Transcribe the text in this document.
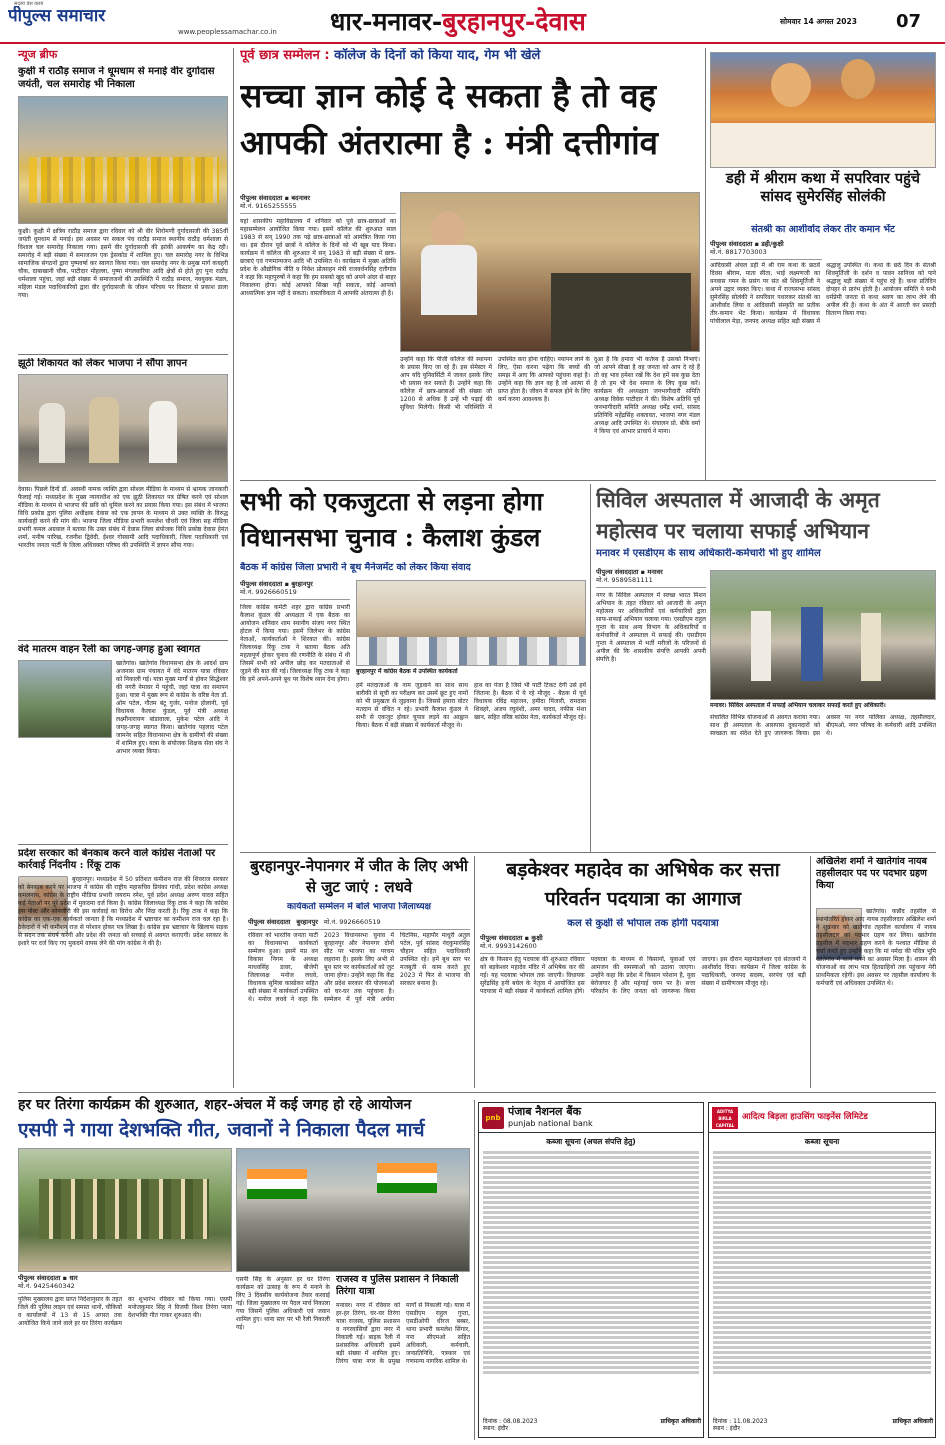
पीपुल्स समाचार
www.peoplessamachar.co.in
सदस्य प्रेस क्लब
धार-मनावर-बुरहानपुर-देवास	सोमवार 14 अगस्त 2023	07
न्यूज ब्रीफ
कुक्षी में राठौड़ समाज ने धूमधाम से मनाई वीर दुर्गादास जयंती, चल समारोह भी निकाला
कुक्षी। कुक्षी में क्षत्रिय राठौड़ समाज द्वारा रविवार को श्री वीर शिरोमणी दुर्गादासजी की 385वीं जयंती धूमधाम से मनाई। इस अवसर पर सकल पंच राठौड़ समाज स्थानीय राठौड़ धर्मशाला से विशाल चल समारोह निकाला गया। इसमें वीर दुर्गादासजी की झांकी आकर्षण का केंद्र रही। समारोह में बड़ी संख्या में समाजजन एक ड्रेसकोड में शामिल हुए। चल समारोह नगर के विभिन्न सामाजिक संगठनों द्वारा पुष्पवर्षा कर स्वागत किया गया। चल समारोह नगर के प्रमुख मार्ग कचहरी चौक, दाबाखानी चौक, पाटीदार मोहल्ला, पुष्पा मंगलवारिया आदि क्षेत्रों से होते हुए पुनः राठौड़ धर्मशाला पहुंचा, जहां बड़ी संख्या में समाजजनों की उपस्थिति में राठौड़ समाज, नवयुवक मंडल, महिला मंडल पदाधिकारियों द्वारा वीर दुर्गादासजी के जीवन परिचय पर विस्तार से प्रकाश डाला गया।
झूठी शिकायत को लेकर भाजपा ने सौंपा ज्ञापन
देवास। पिछले दिनों डॉ. अवस्थी नामक व्यक्ति द्वारा सोशल मीडिया के माध्यम से भ्रामक जानकारी फैलाई गई। मध्यप्रदेश के मुख्य न्यायाधीश को एक झूठी शिकायत पत्र प्रेषित करने एवं सोशल मीडिया के माध्यम से भाजपा की छवि को धूमिल करने का प्रयास किया गया। इस संबंध में भाजपा विधि प्रकोष्ठ द्वारा पुलिस अधीक्षक देवास को एक ज्ञापन के माध्यम से उक्त व्यक्ति के विरुद्ध कार्यवाही करने की मांग की। भाजपा जिला मीडिया प्रभारी कमलेश चौधरी एवं जिला सह मीडिया प्रभारी कमल अग्रवाल ने बताया कि उक्त संबंध में देवास जिला संयोजक विधि प्रकोष्ठ देवास हेमंत शर्मा, मनीष पारिख, रजनीश द्विवेदी, ईश्वर गोस्वामी आदि पदाधिकारी, जिला पदाधिकारी एवं भारतीय जनता पार्टी के जिला अधिवक्ता परिषद की उपस्थिति में ज्ञापन सौंपा गया।
वंदे मातरम वाहन रैली का जगह-जगह हुआ स्वागत
खातेगांव। खातेगांव विधानसभा क्षेत्र के आदर्श ग्राम अजनास ग्राम पंचायत में वंदे मातरम यात्रा रविवार को निकाली गई। यात्रा मुख्य मार्गों से होकर सिद्धेश्वर की नगरी नेमावर में पहुंची, जहां यात्रा का समापन हुआ। यात्रा में मुख्य रूप से कांग्रेस के वरिष्ठ नेता डॉ. ओम पटेल, गौतम बंटू गुर्जर, मनोज होलानी, पूर्व विधायक कैलाश कुंडल, पूर्व मंत्री अध्यक्ष लक्ष्मीनारायण बांडावाला, मुकेश पटेल आदि ने जगह-जगह स्वागत किया। खातेगांव पहलाद पटेल जामनेर सहित विधानसभा क्षेत्र के ग्रामीणों की संख्या में शामिल हुए। यात्रा के संयोजक शिक्षक सेवा संघ ने आभार व्यक्त किया।
प्रदेश सरकार को बेनकाब करने वाले कांग्रेस नेताओं पर कार्रवाई निंदनीय : रिंकू टाक
बुरहानपुर। मध्यप्रदेश में 50 प्रतिशत कमीशन राज की शिवराज सरकार को बेनकाब करने पर भाजपा ने कांग्रेस की राष्ट्रीय महासचिव प्रियंका गांधी, प्रदेश कांग्रेस अध्यक्ष कमलनाथ, कांग्रेस के राष्ट्रीय मीडिया प्रभारी जयराम रमेश, पूर्व प्रदेश अध्यक्ष अरुण यादव सहित कई नेताओं पर पूरे प्रदेश में मुकदमा दर्ज किया है। कांग्रेस जिलाध्यक्ष रिंकू टाक ने कहा कि कांग्रेस इस पोस्ट और सोनजीरी की इस कार्रवाई का विरोध और निंदा करती है। रिंकू टाक ने कहा कि कांग्रेस का एक-एक कार्यकर्ता जानता है कि मध्यप्रदेश में भ्रष्टाचार का कमीशन राज चल रहा है। ठेकेदारों ने भी कमीशन राज से परेशान होकर पत्र लिखा है। कांग्रेस इस भ्रष्टाचार के खिलाफ सड़क से सदन तक संघर्ष करेगी और प्रदेश की जनता को सच्चाई से अवगत कराएगी। प्रदेश सरकार के इशारे पर दर्ज किए गए मुकदमे वापस लेने की मांग कांग्रेस ने की है।
पूर्व छात्र सम्मेलन : कॉलेज के दिनों को किया याद, गेम भी खेले
सच्चा ज्ञान कोई दे सकता है तो वह आपकी अंतरात्मा है : मंत्री दत्तीगांव
पीपुल्स संवाददाता ▪ बदनावर
मो.नं. 9165255555
यहां शासकीय महाविद्यालय में शनिवार को पूर्व छात्र-छात्राओं का महासम्मेलन आयोजित किया गया। इसमें कॉलेज की शुरुआत साल 1983 से सन् 1990 तक पढ़े छात्र-छात्राओं को आमंत्रित किया गया था। इस दौरान पूर्व छात्रों ने कॉलेज के दिनों को भी खूब याद किया। कार्यक्रम में कॉलेज की शुरुआत में सन् 1983 से बड़ी संख्या में छात्र-छात्राएं एवं गणमान्यजन आदि भी उपस्थित थे। कार्यक्रम में मुख्य अतिथि प्रदेश के औद्योगिक नीति व निवेश प्रोत्साहन मंत्री राजवर्धनसिंह दत्तीगांव ने कहा कि महापुरुषों ने कहा कि हम सबको खुद को अपने अंदर से बाहर निकालना होगा। कोई आपको सिखा नहीं सकता, कोई आपको आध्यात्मिक ज्ञान नहीं दे सकता। वास्तविकता में आपकी अंतरात्मा ही है।
उन्होंने कहा कि पीजी कॉलेज की स्थापना के प्रयास किए जा रहे हैं। इस सेमेस्टर में आप यदि युनिवर्सिटी में जाकर इसके लिए भी प्रयास कर सकते हैं। उन्होंने कहा कि कॉलेज में छात्र-छात्राओं की संख्या जो 1200 से अधिक है उन्हें भी पढ़ाई की सुविधा मिलेगी। किसी भी परिस्थिति में उपस्थित करा होना चाहिए। नयापन लाने के लिए, ऐसा करना पढ़ेगा कि बच्चों की समझ में आए कि आपको पहुंचना कहां है। उन्होंने कहा कि ज्ञान वह है जो आत्मा से प्राप्त होता है। जीवन में सफल होने के लिए कर्म करना आवश्यक है।
दुआ है कि हमारा भी कर्तव्य है उसको निभाएं। जो आपने सीखा है वह जनता को आप दे रहे हैं तो वह भाव हमेशा रखें कि देश हमें सब कुछ देता है तो हम भी देश समाज के लिए कुछ करें। कार्यक्रम की अध्यक्षता जनभागीदारी समिति अध्यक्ष विवेक पाटीदार ने की। विशेष अतिथि पूर्व जनभागीदारी समिति अध्यक्ष धर्मेंद्र शर्मा, सांसद प्रतिनिधि महेंद्रसिंह शक्तावत, भाजपा नगर मंडल अध्यक्ष आदि उपस्थित थे। संचालन प्रो. बीके वर्मा ने किया एवं आभार प्राचार्य ने माना।
डही में श्रीराम कथा में सपरिवार पहुंचे सांसद सुमेरसिंह सोलंकी
संतश्री का आशीर्वाद लेकर तीर कमान भेंट
पीपुल्स संवाददाता ▪ डही/कुक्षी
मो.नं. 8817703003
आदिवासी अंचल डही में श्री राम कथा के छठवें दिवस श्रीराम, माता सीता, भाई लक्ष्मणजी का वनवास गमन के प्रसंग पर संत श्री शिवमूर्तिजी ने अपने उद्गार व्यक्त किए। कथा में राज्यसभा सांसद सुमेरसिंह सोलंकी ने सपरिवार पधारकर संतश्री का आशीर्वाद लिया व आदिवासी संस्कृति का प्रतीक तीर-कमान भेंट किया। कार्यक्रम में विधायक पांचीलाल मेड़ा, जनपद अध्यक्ष सहित बड़ी संख्या में श्रद्धालु उपस्थित थे। कथा के छठे दिन के संतश्री शिवमूर्तिजी के दर्शन व पावन सानिध्य को पाने श्रद्धालु बड़ी संख्या में पहुंच रहे हैं। कथा प्रतिदिन दोपहर से प्रारंभ होती है। आयोजन समिति ने सभी धर्मप्रेमी जनता से कथा श्रवण का लाभ लेने की अपील की है। कथा के अंत में आरती कर प्रसादी वितरण किया गया।
सभी को एकजुटता से लड़ना होगा विधानसभा चुनाव : कैलाश कुंडल
बैठक में कांग्रेस जिला प्रभारी ने बूथ मैनेजमेंट को लेकर किया संवाद
पीपुल्स संवाददाता ▪ बुरहानपुर
मो.नं. 9926660519
बुरहानपुर में कांग्रेस बैठक में उपस्थित कार्यकर्ता
जिला कांग्रेस कमेटी शहर द्वारा कांग्रेस प्रभारी कैलाश कुंडल की अध्यक्षता में एक बैठक का आयोजन शनिवार शाम स्थानीय संजय नगर स्थित होटल में किया गया। इसमें जिलेभर के कांग्रेस नेताओं, कार्यकर्ताओं ने शिरकत की। कांग्रेस जिलाध्यक्ष रिंकू टाक ने बताया बैठक अति महत्वपूर्ण होकर चुनाव की रणनीति के संबंध में थी जिसमें सभी को अपील छोड़ कर मतदाताओं से जुड़ने की बात की गई। जिलाध्यक्ष रिंकू टाक ने कहा कि हमें अपने-अपने बूथ पर विशेष ध्यान देना होगा।
हमें मतदाताओं के नाम जुड़वाने का साथ साथ बारीकी से सूची का परीक्षण कर उसमें छूट हुए नामों को भी प्रमुखता से जुड़वाना है। जिससे हमारा वोटर मतदान से वंचित न रहे। प्रभारी कैलाश कुंडल ने सभी से एकजुट होकर चुनाव लड़ने का आह्वान किया। बैठक में बड़ी संख्या में कार्यकर्ता मौजूद थे।
हाथ का पंजा है जिसे भी पार्टी टिकट देगी उसे हमें जिताना है। बैठक में ये रहे मौजूद - बैठक में पूर्व विधायक रविंद्र महाजन, हमीदा पिंजारी, रामदास शिवहरे, अजय रघुवंशी, अमर यादव, नफीस मंशा खान, सहित वरिष्ठ कांग्रेस नेता, कार्यकर्ता मौजूद रहे।
सिविल अस्पताल में आजादी के अमृत महोत्सव पर चलाया सफाई अभियान
मनावर में एसडीएम के साथ अधिकारी-कर्मचारी भी हुए शामिल
पीपुल्स संवाददाता ▪ मनावर
मो.नं. 9589581111
नगर के सिविल अस्पताल में स्वच्छ भारत मिशन अभियान के तहत रविवार को आजादी के अमृत महोत्सव पर अधिकारियों एवं कर्मचारियों द्वारा साफ-सफाई अभियान चलाया गया। एसडीएम राहुल गुप्ता के साथ अन्य विभाग के अधिकारियों व कर्मचारियों ने अस्पताल में सफाई की। एसडीएम गुप्ता ने अस्पताल में भर्ती मरीजों के परिजनों से अपील की कि शासकीय संपत्ति आपकी अपनी संपत्ति है।
मनावर। सिविल अस्पताल में सफाई अभियान चलाकर सफाई करते हुए अधिकारी।
संचालित विभिन्न योजनाओं से अवगत कराया गया। साथ ही अस्पताल के आसपास दुकानदारों को स्वच्छता का संदेश देते हुए जागरूक किया। इस अवसर पर नगर पालिका अध्यक्ष, तहसीलदार, बीएमओ, नगर परिषद के कर्मचारी आदि उपस्थित थे।
बुरहानपुर-नेपानगर में जीत के लिए अभी से जुट जाएं : लधवे
कार्यकर्ता सम्मेलन में बोले भाजपा जिलाध्यक्ष
पीपुल्स संवाददाता बुरहानपुर मो.नं. 9926660519
रविवार को भारतीय जनता पार्टी का विधानसभा कार्यकर्ता सम्मेलन हुआ। इसमें मप्र वन विकास निगम के अध्यक्ष माधवसिंह डावर, बीजेपी जिलाध्यक्ष मनोज लधवे, विधायक सुमित्रा कास्डेकर सहित बड़ी संख्या में कार्यकर्ता उपस्थित थे। मनोज लधवे ने कहा कि 2023 विधानसभा चुनाव में बुरहानपुर और नेपानगर दोनों सीट पर भाजपा का परचम लहराना है। इसके लिए अभी से बूथ स्तर पर कार्यकर्ताओं को जुट जाना होगा। उन्होंने कहा कि केंद्र और प्रदेश सरकार की योजनाओं को घर-घर तक पहुंचाना है। सम्मेलन में पूर्व मंत्री अर्चना चिटनिस, महापौर माधुरी अतुल पटेल, पूर्व सांसद नंदकुमारसिंह चौहान सहित पदाधिकारी उपस्थित रहे। हमें बूथ स्तर पर मजबूती से काम करते हुए 2023 में फिर से भाजपा की सरकार बनाना है।
बड़केश्वर महादेव का अभिषेक कर सत्ता परिवर्तन पदयात्रा का आगाज
कल से कुक्षी से भोपाल तक होगी पदयात्रा
पीपुल्स संवाददाता ▪ कुक्षी
मो.नं. 9993142600
क्षेत्र के किसान हेतु पदयात्रा की शुरुआत रविवार को बड़केश्वर महादेव मंदिर में अभिषेक कर की गई। यह पदयात्रा भोपाल तक जाएगी। विधायक सुरेंद्रसिंह हनी बघेल के नेतृत्व में आयोजित इस पदयात्रा में बड़ी संख्या में कार्यकर्ता शामिल होंगे। पदयात्रा के माध्यम से किसानों, युवाओं एवं आमजन की समस्याओं को उठाया जाएगा। उन्होंने कहा कि प्रदेश में किसान परेशान है, युवा बेरोजगार हैं और महंगाई चरम पर है। सत्ता परिवर्तन के लिए जनता को जागरूक किया जाएगा। इस दौरान महामंडलेश्वर एवं संतजनों ने आशीर्वाद दिया। कार्यक्रम में जिला कांग्रेस के पदाधिकारी, जनपद सदस्य, सरपंच एवं बड़ी संख्या में ग्रामीणजन मौजूद रहे।
अखिलेश शर्मा ने खातेगांव नायब तहसीलदार पद पर पदभार ग्रहण किया
खातेगांव। कन्नौद तहसील से स्थानांतरित होकर आए नायब तहसीलदार अखिलेश शर्मा ने शुक्रवार को खातेगांव तहसील कार्यालय में नायब तहसीलदार का पदभार ग्रहण कर लिया। खातेगांव तहसील में पदभार ग्रहण करने के पश्चात मीडिया से चर्चा करते हुए उन्होंने कहा कि मां नर्मदा की पवित्र भूमि खातेगांव में कार्य करने का अवसर मिला है। शासन की योजनाओं का लाभ पात्र हितग्राहियों तक पहुंचाना मेरी प्राथमिकता रहेगी। इस अवसर पर तहसील कार्यालय के कर्मचारी एवं अधिवक्ता उपस्थित थे।
हर घर तिरंगा कार्यक्रम की शुरुआत, शहर-अंचल में कई जगह हो रहे आयोजन
एसपी ने गाया देशभक्ति गीत, जवानों ने निकाला पैदल मार्च
पीपुल्स संवाददाता ▪ धार
मो.नं. 9425460342
पुलिस मुख्यालय द्वारा प्राप्त निर्देशानुसार के तहत जिले की पुलिस लाइन एवं समस्त थानों, चौकियों व कार्यालयों में 13 से 15 अगस्त तक आयोजित किये जाने वाले हर घर तिरंगा कार्यक्रम का शुभारंभ रविवार को किया गया। एसपी मनोजकुमार सिंह ने विजयी विश्व तिरंगा प्यारा देशभक्ति गीत गाकर शुरुआत की।
एसपी सिंह के अनुसार हर घर तिरंगा कार्यक्रम को उत्साह के रूप में मनाने के लिए 3 दिवसीय कार्ययोजना तैयार करवाई गई। जिला मुख्यालय पर पैदल मार्च निकाला गया जिसमें पुलिस अधिकारी एवं जवान शामिल हुए। थाना स्तर पर भी रैली निकाली गई।
राजस्व व पुलिस प्रशासन ने निकाली तिरंगा यात्रा
मनावर। नगर में रविवार को हर-हर तिरंगा, घर-घर तिरंगा यात्रा राजस्व, पुलिस प्रशासन व नगरवासियों द्वारा नगर में निकाली गई। बाइक रैली में प्रशासनिक अधिकारी इसमें बड़ी संख्या में शामिल हुए। तिरंगा यात्रा नगर के प्रमुख मार्गों से निकाली गई। यात्रा में एसडीएम राहुल गुप्ता, एसडीओपी धीरज बब्बर, थाना प्रभारी कमलेश सिंगार, नपा सीएमओ सहित अधिकारी, कर्मचारी, जनप्रतिनिधि, पत्रकार एवं गणमान्य नागरिक शामिल थे।
pnb पंजाब नैशनल बैंक
punjab national bank
कब्जा सूचना (अचल संपत्ति हेतु)
दिनांक : 08.08.2023
स्थान: इंदौर
प्राधिकृत अधिकारी
ADITYA BIRLA CAPITAL
आदित्य बिड़ला हाउसिंग फाइनेंस लिमिटेड
कब्जा सूचना
दिनांक : 11.08.2023
स्थान : इंदौर
प्राधिकृत अधिकारी
